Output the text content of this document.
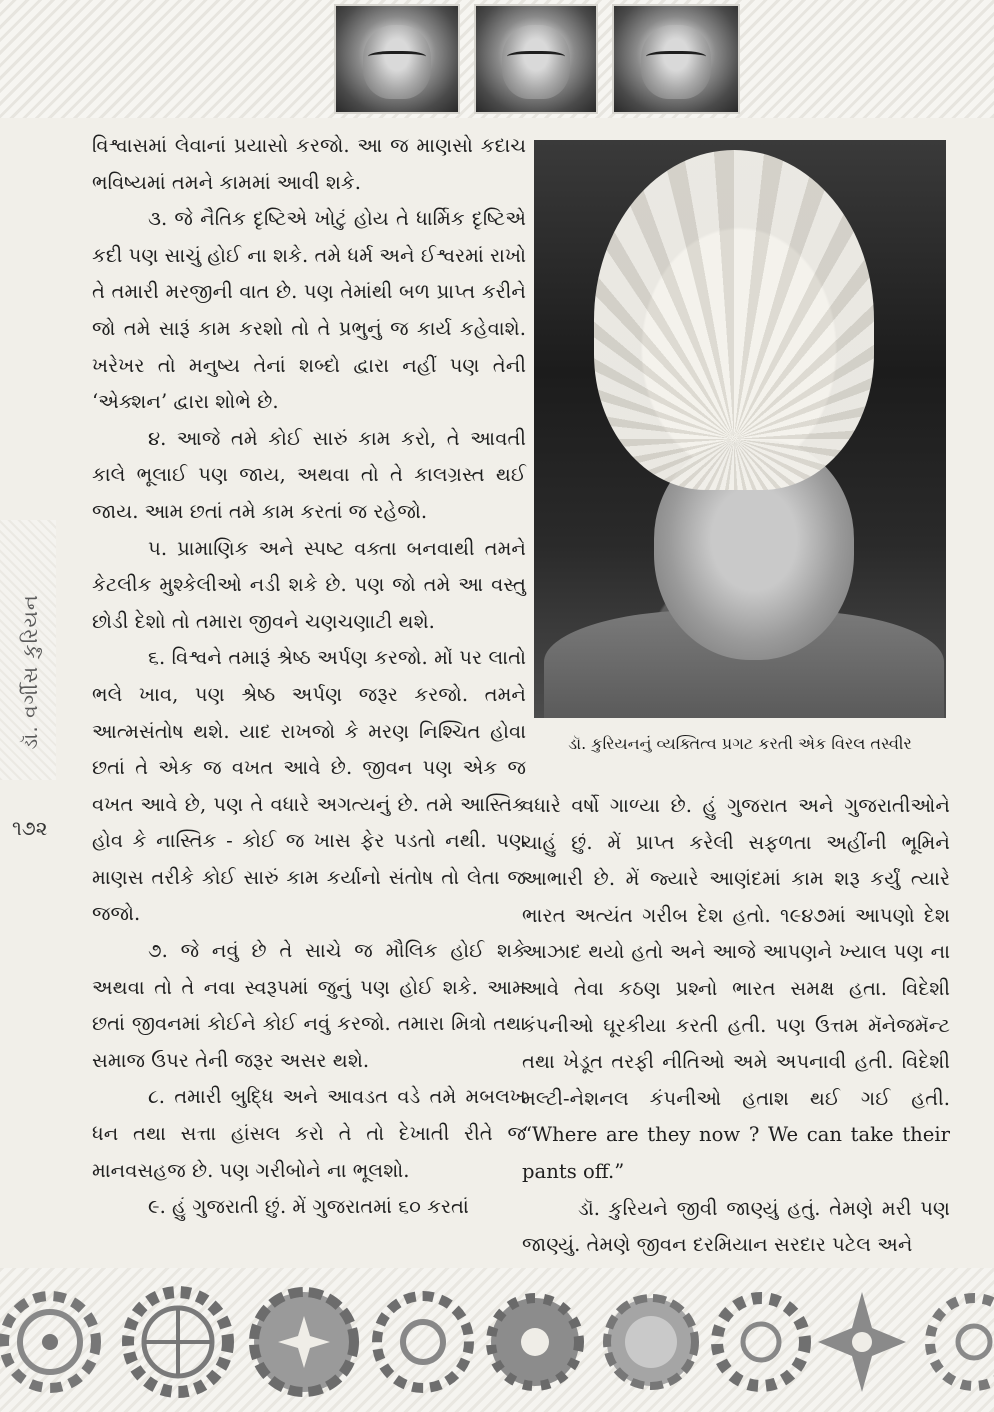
ડૉ. વર્ગીસ કુરિયન
૧૭૨

વિશ્વાસમાં લેવાનાં પ્રયાસો કરજો. આ જ માણસો કદાચ ભવિષ્યમાં તમને કામમાં આવી શકે.

૩. જે નૈતિક દૃષ્ટિએ ખોટું હોય તે ધાર્મિક દૃષ્ટિએ કદી પણ સાચું હોઈ ના શકે. તમે ધર્મ અને ઈશ્વરમાં રાખો તે તમારી મરજીની વાત છે. પણ તેમાંથી બળ પ્રાપ્ત કરીને જો તમે સારૂં કામ કરશો તો તે પ્રભુનું જ કાર્ય કહેવાશે. ખરેખર તો મનુષ્ય તેનાં શબ્દો દ્વારા નહીં પણ તેની ‘એક્શન’ દ્વારા શોભે છે.

૪. આજે તમે કોઈ સારું કામ કરો, તે આવતી કાલે ભૂલાઈ પણ જાય, અથવા તો તે કાલગ્રસ્ત થઈ જાય. આમ છતાં તમે કામ કરતાં જ રહેજો.

૫. પ્રામાણિક અને સ્પષ્ટ વક્તા બનવાથી તમને કેટલીક મુશ્કેલીઓ નડી શકે છે. પણ જો તમે આ વસ્તુ છોડી દેશો તો તમારા જીવને ચણચણાટી થશે.

૬. વિશ્વને તમારૂં શ્રેષ્ઠ અર્પણ કરજો. મોં પર લાતો ભલે ખાવ, પણ શ્રેષ્ઠ અર્પણ જરૂર કરજો. તમને આત્મસંતોષ થશે. યાદ રાખજો કે મરણ નિશ્ચિત હોવા છતાં તે એક જ વખત આવે છે. જીવન પણ એક જ વખત આવે છે, પણ તે વધારે અગત્યનું છે. તમે આસ્તિક હોવ કે નાસ્તિક - કોઈ જ ખાસ ફેર પડતો નથી. પણ માણસ તરીકે કોઈ સારું કામ કર્યાનો સંતોષ તો લેતા જ જજો.

૭. જે નવું છે તે સાચે જ મૌલિક હોઈ શકે અથવા તો તે નવા સ્વરૂપમાં જુનું પણ હોઈ શકે. આમ છતાં જીવનમાં કોઈને કોઈ નવું કરજો. તમારા મિત્રો તથા સમાજ ઉપર તેની જરૂર અસર થશે.

૮. તમારી બુદ્ધિ અને આવડત વડે તમે મબલખ ધન તથા સત્તા હાંસલ કરો તે તો દેખાતી રીતે જ માનવસહજ છે. પણ ગરીબોને ના ભૂલશો.

૯. હું ગુજરાતી છું. મેં ગુજરાતમાં ૬૦ કરતાં

ડૉ. કુરિયનનું વ્યક્તિત્વ પ્રગટ કરતી એક વિરલ તસ્વીર

વધારે વર્ષો ગાળ્યા છે. હું ગુજરાત અને ગુજરાતીઓને ચાહું છું. મેં પ્રાપ્ત કરેલી સફળતા અહીંની ભૂમિને આભારી છે. મેં જ્યારે આણંદમાં કામ શરૂ કર્યું ત્યારે ભારત અત્યંત ગરીબ દેશ હતો. ૧૯૪૭માં આપણો દેશ આઝાદ થયો હતો અને આજે આપણને ખ્યાલ પણ ના આવે તેવા કઠણ પ્રશ્નો ભારત સમક્ષ હતા. વિદેશી કંપનીઓ ઘૂરકીયા કરતી હતી. પણ ઉત્તમ મૅનેજમૅન્ટ તથા ખેડૂત તરફી નીતિઓ અમે અપનાવી હતી. વિદેશી મલ્ટી-નેશનલ કંપનીઓ હતાશ થઈ ગઈ હતી. “Where are they now ? We can take their pants off.”

ડૉ. કુરિયને જીવી જાણ્યું હતું. તેમણે મરી પણ જાણ્યું. તેમણે જીવન દરમિયાન સરદાર પટેલ અને
